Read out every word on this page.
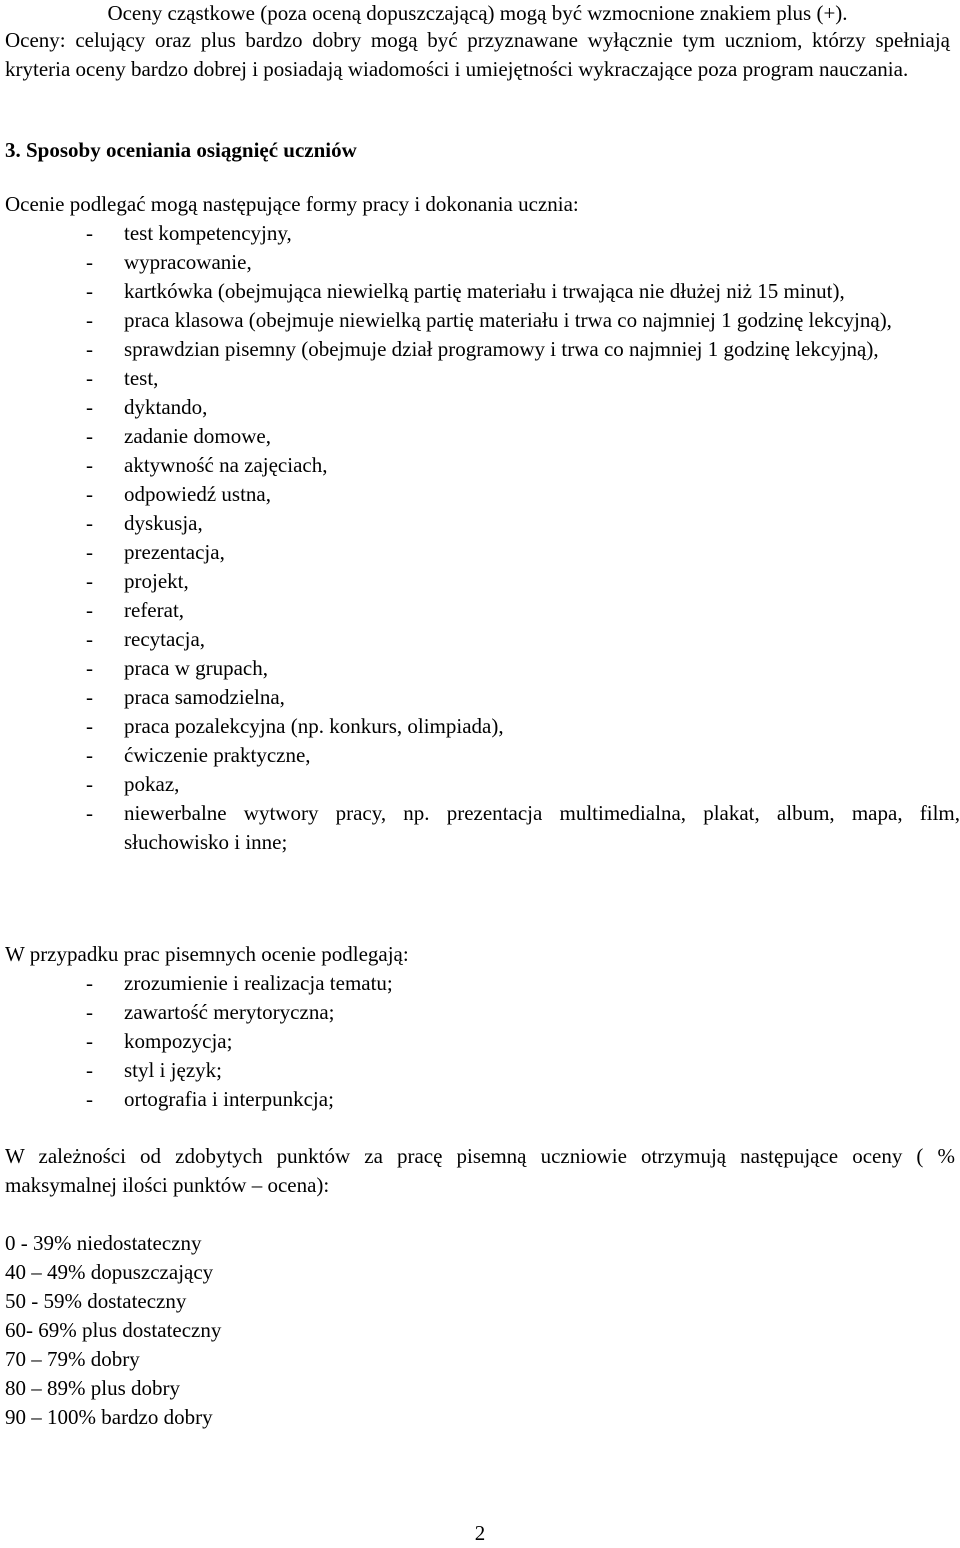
Oceny cząstkowe (poza oceną dopuszczającą) mogą być wzmocnione znakiem plus (+).

Oceny: celujący oraz plus bardzo dobry mogą być przyznawane wyłącznie tym uczniom, którzy spełniają kryteria oceny bardzo dobrej i posiadają wiadomości i umiejętności wykraczające poza program nauczania.

3. Sposoby oceniania osiągnięć uczniów

Ocenie podlegać mogą następujące formy pracy i dokonania ucznia:

- test kompetencyjny,
- wypracowanie,
- kartkówka (obejmująca niewielką partię materiału i trwająca nie dłużej niż 15 minut),
- praca klasowa (obejmuje niewielką partię materiału i trwa co najmniej 1 godzinę lekcyjną),
- sprawdzian pisemny (obejmuje dział programowy i trwa co najmniej 1 godzinę lekcyjną),
- test,
- dyktando,
- zadanie domowe,
- aktywność na zajęciach,
- odpowiedź ustna,
- dyskusja,
- prezentacja,
- projekt,
- referat,
- recytacja,
- praca w grupach,
- praca samodzielna,
- praca pozalekcyjna (np. konkurs, olimpiada),
- ćwiczenie praktyczne,
- pokaz,
- niewerbalne wytwory pracy, np. prezentacja multimedialna, plakat, album, mapa, film, słuchowisko i inne;

W przypadku prac pisemnych ocenie podlegają:

- zrozumienie i realizacja tematu;
- zawartość merytoryczna;
- kompozycja;
- styl i język;
- ortografia i interpunkcja;

W zależności od zdobytych punktów za pracę pisemną uczniowie otrzymują następujące oceny ( % maksymalnej ilości punktów – ocena):

0 - 39% niedostateczny
40 – 49% dopuszczający
50 - 59% dostateczny
60- 69% plus dostateczny
70 – 79% dobry
80 – 89% plus dobry
90 – 100% bardzo dobry

2
